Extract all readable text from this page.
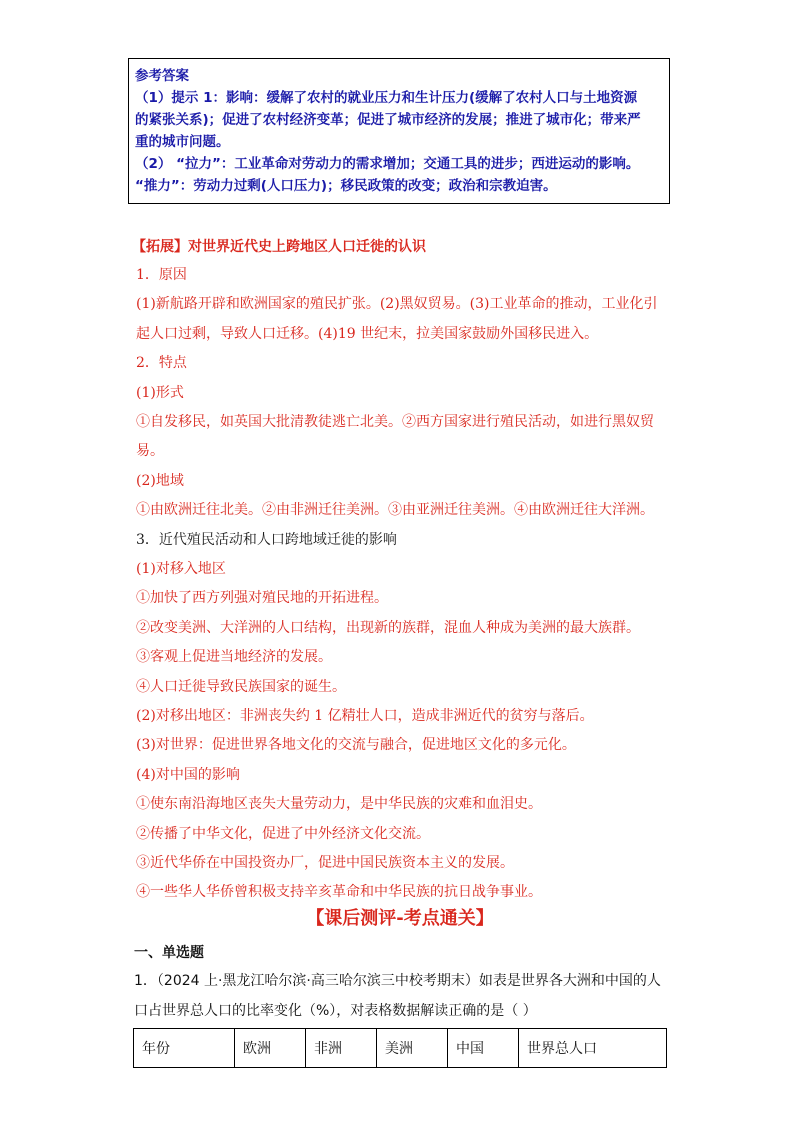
参考答案

（1）提示 1：影响：缓解了农村的就业压力和生计压力(缓解了农村人口与土地资源

的紧张关系)；促进了农村经济变革；促进了城市经济的发展；推进了城市化；带来严

重的城市问题。

（2） “拉力”：工业革命对劳动力的需求增加；交通工具的进步；西进运动的影响。

“推力”：劳动力过剩(人口压力)；移民政策的改变；政治和宗教迫害。

【拓展】对世界近代史上跨地区人口迁徙的认识
1．原因
(1)新航路开辟和欧洲国家的殖民扩张。(2)黑奴贸易。(3)工业革命的推动，工业化引
起人口过剩，导致人口迁移。(4)19 世纪末，拉美国家鼓励外国移民进入。
2．特点
(1)形式
①自发移民，如英国大批清教徒逃亡北美。②西方国家进行殖民活动，如进行黑奴贸
易。
(2)地域
①由欧洲迁往北美。②由非洲迁往美洲。③由亚洲迁往美洲。④由欧洲迁往大洋洲。
3．近代殖民活动和人口跨地域迁徙的影响
(1)对移入地区
①加快了西方列强对殖民地的开拓进程。
②改变美洲、大洋洲的人口结构，出现新的族群，混血人种成为美洲的最大族群。
③客观上促进当地经济的发展。
④人口迁徙导致民族国家的诞生。
(2)对移出地区：非洲丧失约 1 亿精壮人口，造成非洲近代的贫穷与落后。
(3)对世界：促进世界各地文化的交流与融合，促进地区文化的多元化。
(4)对中国的影响
①使东南沿海地区丧失大量劳动力，是中华民族的灾难和血泪史。
②传播了中华文化，促进了中外经济文化交流。
③近代华侨在中国投资办厂，促进中国民族资本主义的发展。
④一些华人华侨曾积极支持辛亥革命和中华民族的抗日战争事业。
【课后测评-考点通关】
一、单选题
1．（2024 上·黑龙江哈尔滨·高三哈尔滨三中校考期末）如表是世界各大洲和中国的人
口占世界总人口的比率变化（%），对表格数据解读正确的是（ ）
年份	欧洲	非洲	美洲	中国	世界总人口
